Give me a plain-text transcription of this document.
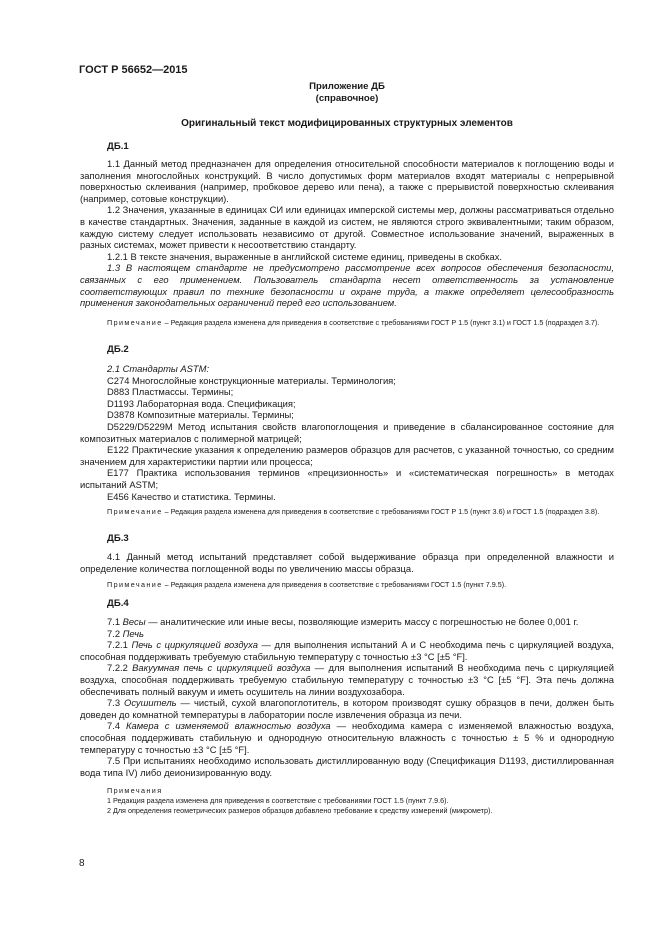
ГОСТ Р 56652—2015

Приложение ДБ

(справочное)

Оригинальный текст модифицированных структурных элементов

ДБ.1

1.1 Данный метод предназначен для определения относительной способности материалов к поглощению воды и заполнения многослойных конструкций. В число допустимых форм материалов входят материалы с непрерывной поверхностью склеивания (например, пробковое дерево или пена), а также с прерывистой поверхностью склеивания (например, сотовые конструкции).

1.2 Значения, указанные в единицах СИ или единицах имперской системы мер, должны рассматриваться отдельно в качестве стандартных. Значения, заданные в каждой из систем, не являются строго эквивалентными; таким образом, каждую систему следует использовать независимо от другой. Совместное использование значений, выраженных в разных системах, может привести к несоответствию стандарту.

1.2.1 В тексте значения, выраженные в английской системе единиц, приведены в скобках.

1.3 В настоящем стандарте не предусмотрено рассмотрение всех вопросов обеспечения безопасности, связанных с его применением. Пользователь стандарта несет ответственность за установление соответствующих правил по технике безопасности и охране труда, а также определяет целесообразность применения законодательных ограничений перед его использованием.

Примечание – Редакция раздела изменена для приведения в соответствие с требованиями ГОСТ Р 1.5 (пункт 3.1) и ГОСТ 1.5 (подраздел 3.7).

ДБ.2

2.1 Стандарты ASTM:

C274 Многослойные конструкционные материалы. Терминология;

D883 Пластмассы. Термины;

D1193 Лабораторная вода. Спецификация;

D3878 Композитные материалы. Термины;

D5229/D5229M Метод испытания свойств влагопоглощения и приведение в сбалансированное состояние для композитных материалов с полимерной матрицей;

E122 Практические указания к определению размеров образцов для расчетов, с указанной точностью, со средним значением для характеристики партии или процесса;

E177 Практика использования терминов «прецизионность» и «систематическая погрешность» в методах испытаний ASTM;

E456 Качество и статистика. Термины.

Примечание – Редакция раздела изменена для приведения в соответствие с требованиями ГОСТ Р 1.5 (пункт 3.6) и ГОСТ 1.5 (подраздел 3.8).

ДБ.3

4.1 Данный метод испытаний представляет собой выдерживание образца при определенной влажности и определение количества поглощенной воды по увеличению массы образца.

Примечание – Редакция раздела изменена для приведения в соответствие с требованиями ГОСТ 1.5 (пункт 7.9.5).

ДБ.4

7.1 Весы — аналитические или иные весы, позволяющие измерить массу с погрешностью не более 0,001 г.

7.2 Печь

7.2.1 Печь с циркуляцией воздуха — для выполнения испытаний A и C необходима печь с циркуляцией воздуха, способная поддерживать требуемую стабильную температуру с точностью ±3 °С [±5 °F].

7.2.2 Вакуумная печь с циркуляцией воздуха — для выполнения испытаний B необходима печь с циркуляцией воздуха, способная поддерживать требуемую стабильную температуру с точностью ±3 °С [±5 °F]. Эта печь должна обеспечивать полный вакуум и иметь осушитель на линии воздухозабора.

7.3 Осушитель — чистый, сухой влагопоглотитель, в котором производят сушку образцов в печи, должен быть доведен до комнатной температуры в лаборатории после извлечения образца из печи.

7.4 Камера с изменяемой влажностью воздуха — необходима камера с изменяемой влажностью воздуха, способная поддерживать стабильную и однородную относительную влажность с точностью ± 5 % и однородную температуру с точностью ±3 °С [±5 °F].

7.5 При испытаниях необходимо использовать дистиллированную воду (Спецификация D1193, дистиллированная вода типа IV) либо деионизированную воду.

Примечания

1 Редакция раздела изменена для приведения в соответствие с требованиями ГОСТ 1.5 (пункт 7.9.6).

2 Для определения геометрических размеров образцов добавлено требование к средству измерений (микрометр).

8
